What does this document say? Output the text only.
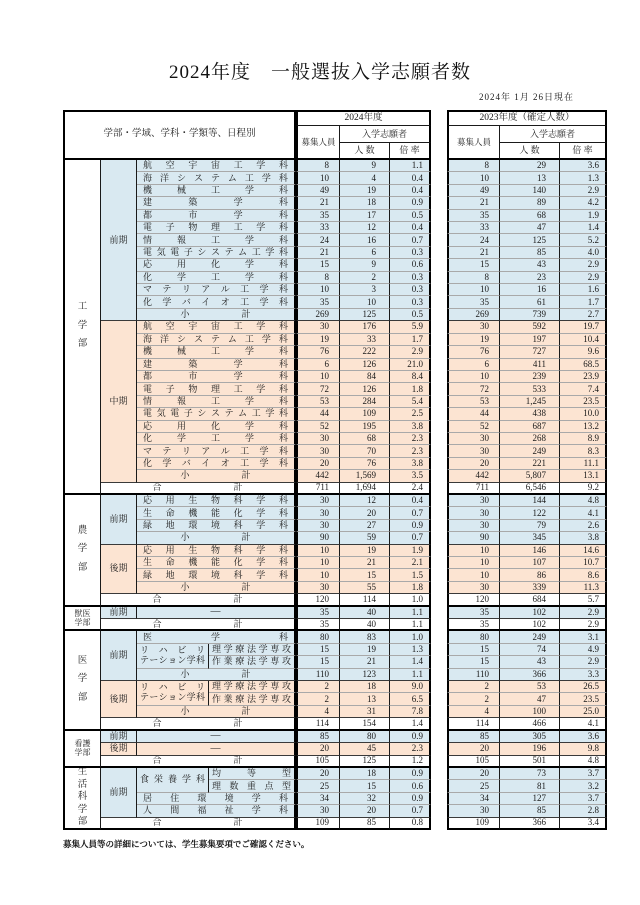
2024年度　一般選抜入学志願者数
2024年 1月 26日現在
学部・学域、学科・学類等、日程別
2024年度
募集人員
入学志願者
人 数	倍 率
2023年度（確定人数）
募集人員
入学志願者
人 数	倍 率
工
学
部
前期
航 空 宇 宙 工 学 科	8	9	1.1	8	29	3.6
海 洋 シ ス テ ム 工 学 科	10	4	0.4	10	13	1.3
機	械	工	学	科	49	19	0.4	49	140	2.9
建	築	学	科	21	18	0.9	21	89	4.2
都	市	学	科	35	17	0.5	35	68	1.9
電 子 物 理 工 学 科	33	12	0.4	33	47	1.4
情	報	工	学	科	24	16	0.7	24	125	5.2
電 気 電 子 シ ス テ ム 工 学 科	21	6	0.3	21	85	4.0
応	用	化	学	科	15	9	0.6	15	43	2.9
化	学	工	学	科	8	2	0.3	8	23	2.9
マ テ リ ア ル 工 学 科	10	3	0.3	10	16	1.6
化 学 バ イ オ 工 学 科	35	10	0.3	35	61	1.7
小	計	269	125	0.5	269	739	2.7
中期
航 空 宇 宙 工 学 科	30	176	5.9	30	592	19.7
海 洋 シ ス テ ム 工 学 科	19	33	1.7	19	197	10.4
機	械	工	学	科	76	222	2.9	76	727	9.6
建	築	学	科	6	126	21.0	6	411	68.5
都	市	学	科	10	84	8.4	10	239	23.9
電 子 物 理 工 学 科	72	126	1.8	72	533	7.4
情	報	工	学	科	53	284	5.4	53	1,245	23.5
電 気 電 子 シ ス テ ム 工 学 科	44	109	2.5	44	438	10.0
応	用	化	学	科	52	195	3.8	52	687	13.2
化	学	工	学	科	30	68	2.3	30	268	8.9
マ テ リ ア ル 工 学 科	30	70	2.3	30	249	8.3
化 学 バ イ オ 工 学 科	20	76	3.8	20	221	11.1
小	計	442	1,569	3.5	442	5,807	13.1
合	計	711	1,694	2.4	711	6,546	9.2
農
学
部
前期
応 用 生 物 科 学 科	30	12	0.4	30	144	4.8
生 命 機 能 化 学 科	30	20	0.7	30	122	4.1
緑 地 環 境 科 学 科	30	27	0.9	30	79	2.6
小	計	90	59	0.7	90	345	3.8
後期
応 用 生 物 科 学 科	10	19	1.9	10	146	14.6
生 命 機 能 化 学 科	10	21	2.1	10	107	10.7
緑 地 環 境 科 学 科	10	15	1.5	10	86	8.6
小	計	30	55	1.8	30	339	11.3
合	計	120	114	1.0	120	684	5.7
獣医
学部
前期	—	35	40	1.1	35	102	2.9
合	計	35	40	1.1	35	102	2.9
医
学
部
前期
医	学	科	80	83	1.0	80	249	3.1
リ ハ ビ リ
テ ー シ ョ ン 学 科
理 学 療 法 学 専 攻	15	19	1.3	15	74	4.9
作 業 療 法 学 専 攻	15	21	1.4	15	43	2.9
小	計	110	123	1.1	110	366	3.3
後期
リ ハ ビ リ
テ ー シ ョ ン 学 科
理 学 療 法 学 専 攻	2	18	9.0	2	53	26.5
作 業 療 法 学 専 攻	2	13	6.5	2	47	23.5
小	計	4	31	7.8	4	100	25.0
合	計	114	154	1.4	114	466	4.1
看護
学部
前期	—	85	80	0.9	85	305	3.6
後期	—	20	45	2.3	20	196	9.8
合	計	105	125	1.2	105	501	4.8
生
活
科
学
部
前期
食 栄 養 学 科
均	等	型	20	18	0.9	20	73	3.7
理 数 重 点 型	25	15	0.6	25	81	3.2
居 住 環 境 学 科	34	32	0.9	34	127	3.7
人 間 福 祉 学 科	30	20	0.7	30	85	2.8
合	計	109	85	0.8	109	366	3.4
募集人員等の詳細については、学生募集要項でご確認ください。
